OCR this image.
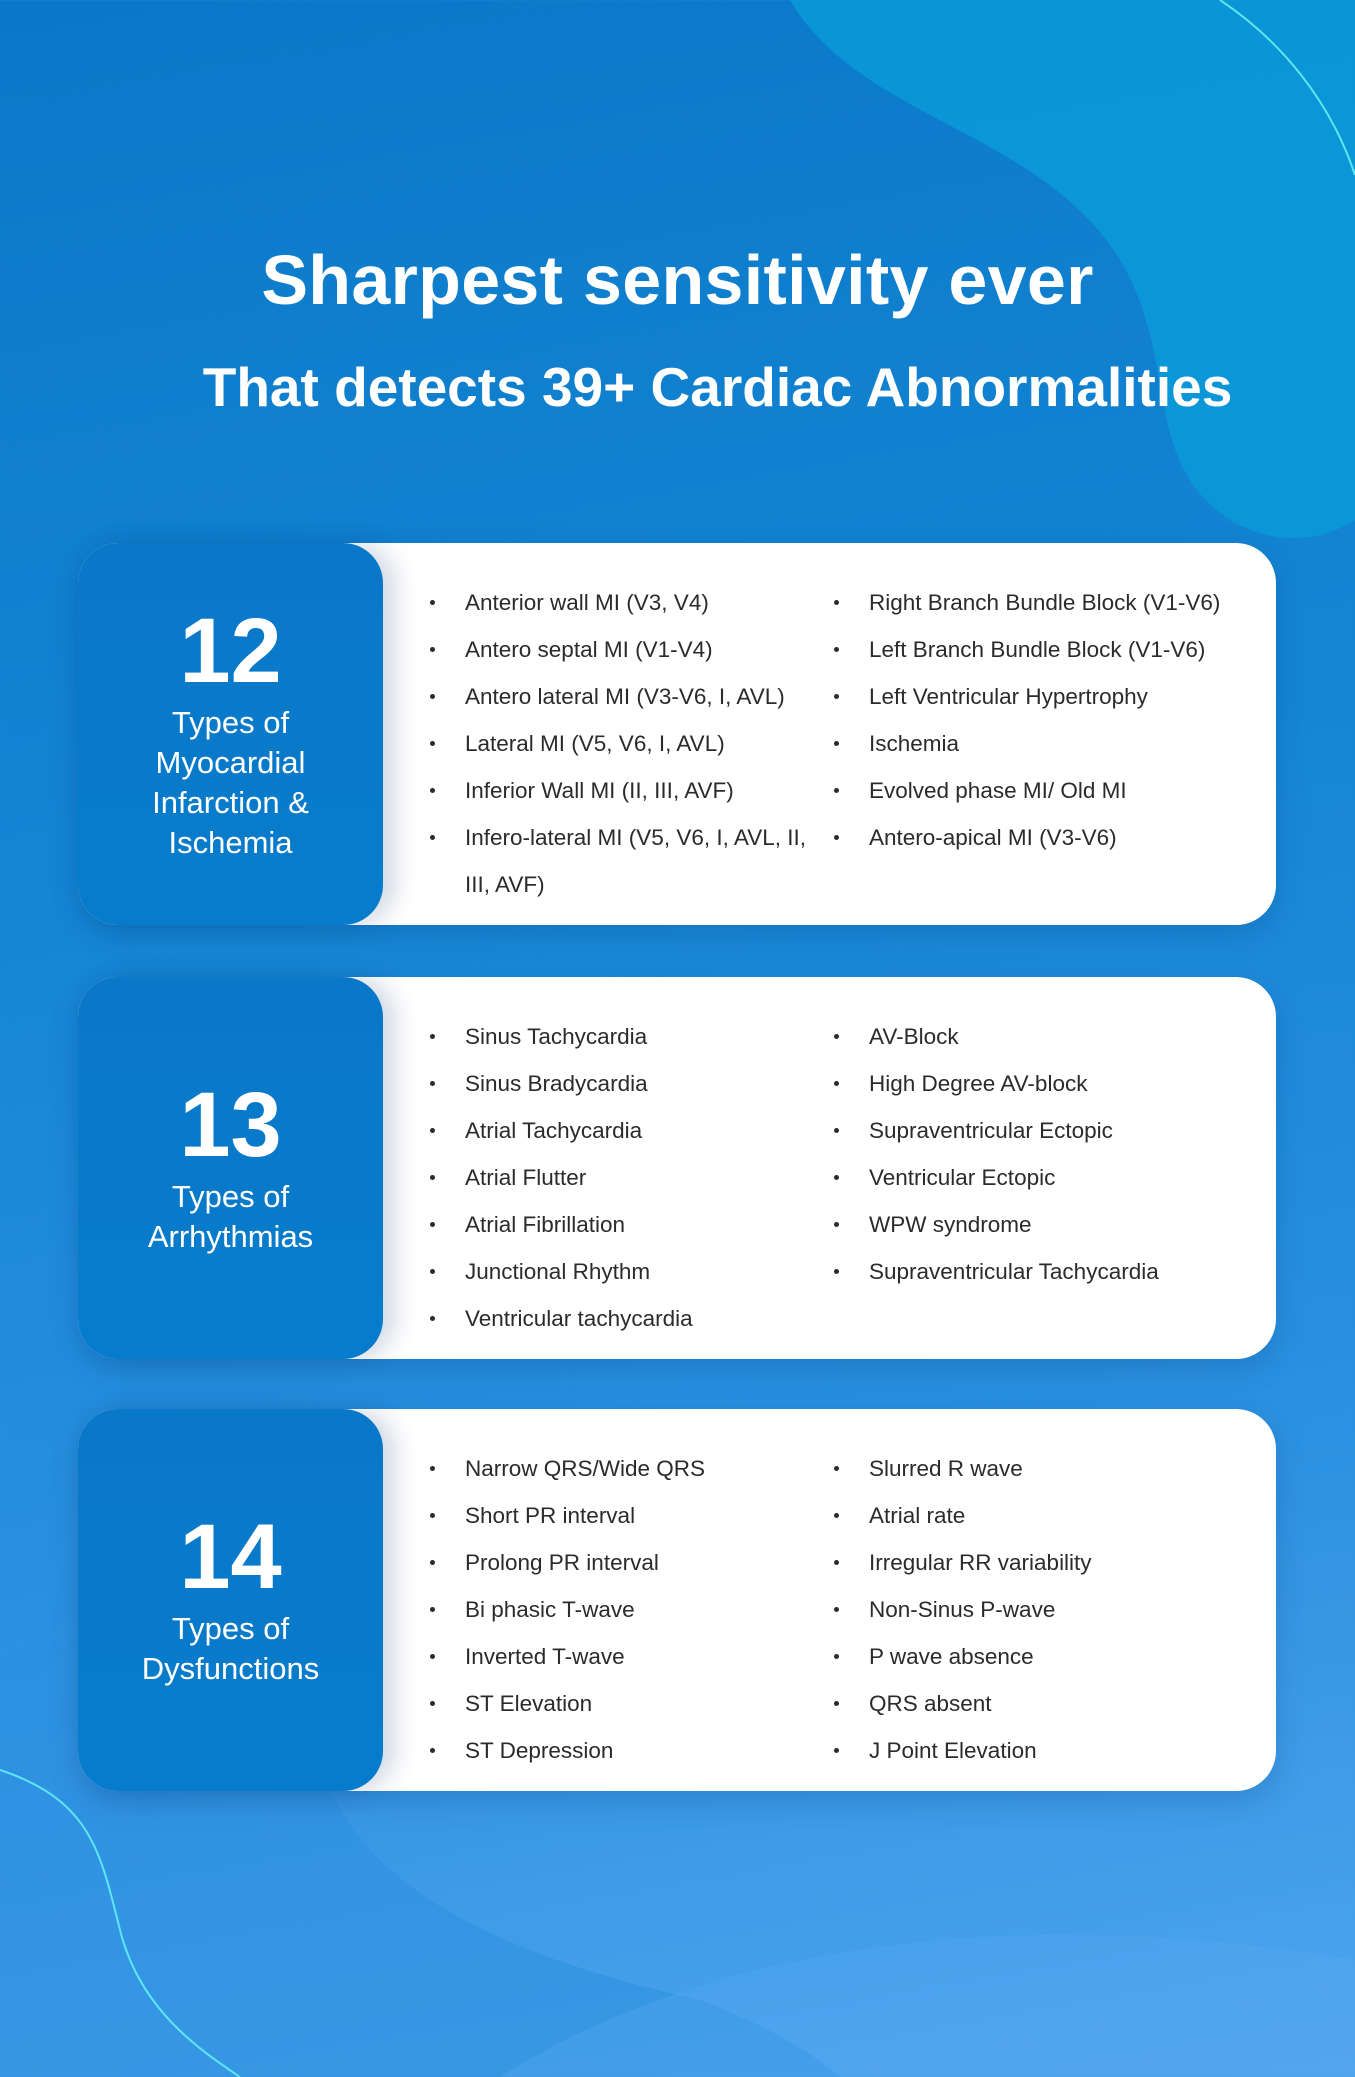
Sharpest sensitivity ever
That detects 39+ Cardiac Abnormalities
12
Types of Myocardial Infarction & Ischemia
Anterior wall MI (V3, V4)
Antero septal MI (V1-V4)
Antero lateral MI (V3-V6, I, AVL)
Lateral MI (V5, V6, I, AVL)
Inferior Wall MI (II, III, AVF)
Infero-lateral MI (V5, V6, I, AVL, II, III, AVF)
Right Branch Bundle Block (V1-V6)
Left Branch Bundle Block (V1-V6)
Left Ventricular Hypertrophy
Ischemia
Evolved phase MI/ Old MI
Antero-apical MI (V3-V6)
13
Types of Arrhythmias
Sinus Tachycardia
Sinus Bradycardia
Atrial Tachycardia
Atrial Flutter
Atrial Fibrillation
Junctional Rhythm
Ventricular tachycardia
AV-Block
High Degree AV-block
Supraventricular Ectopic
Ventricular Ectopic
WPW syndrome
Supraventricular Tachycardia
14
Types of Dysfunctions
Narrow QRS/Wide QRS
Short PR interval
Prolong PR interval
Bi phasic T-wave
Inverted T-wave
ST Elevation
ST Depression
Slurred R wave
Atrial rate
Irregular RR variability
Non-Sinus P-wave
P wave absence
QRS absent
J Point Elevation
